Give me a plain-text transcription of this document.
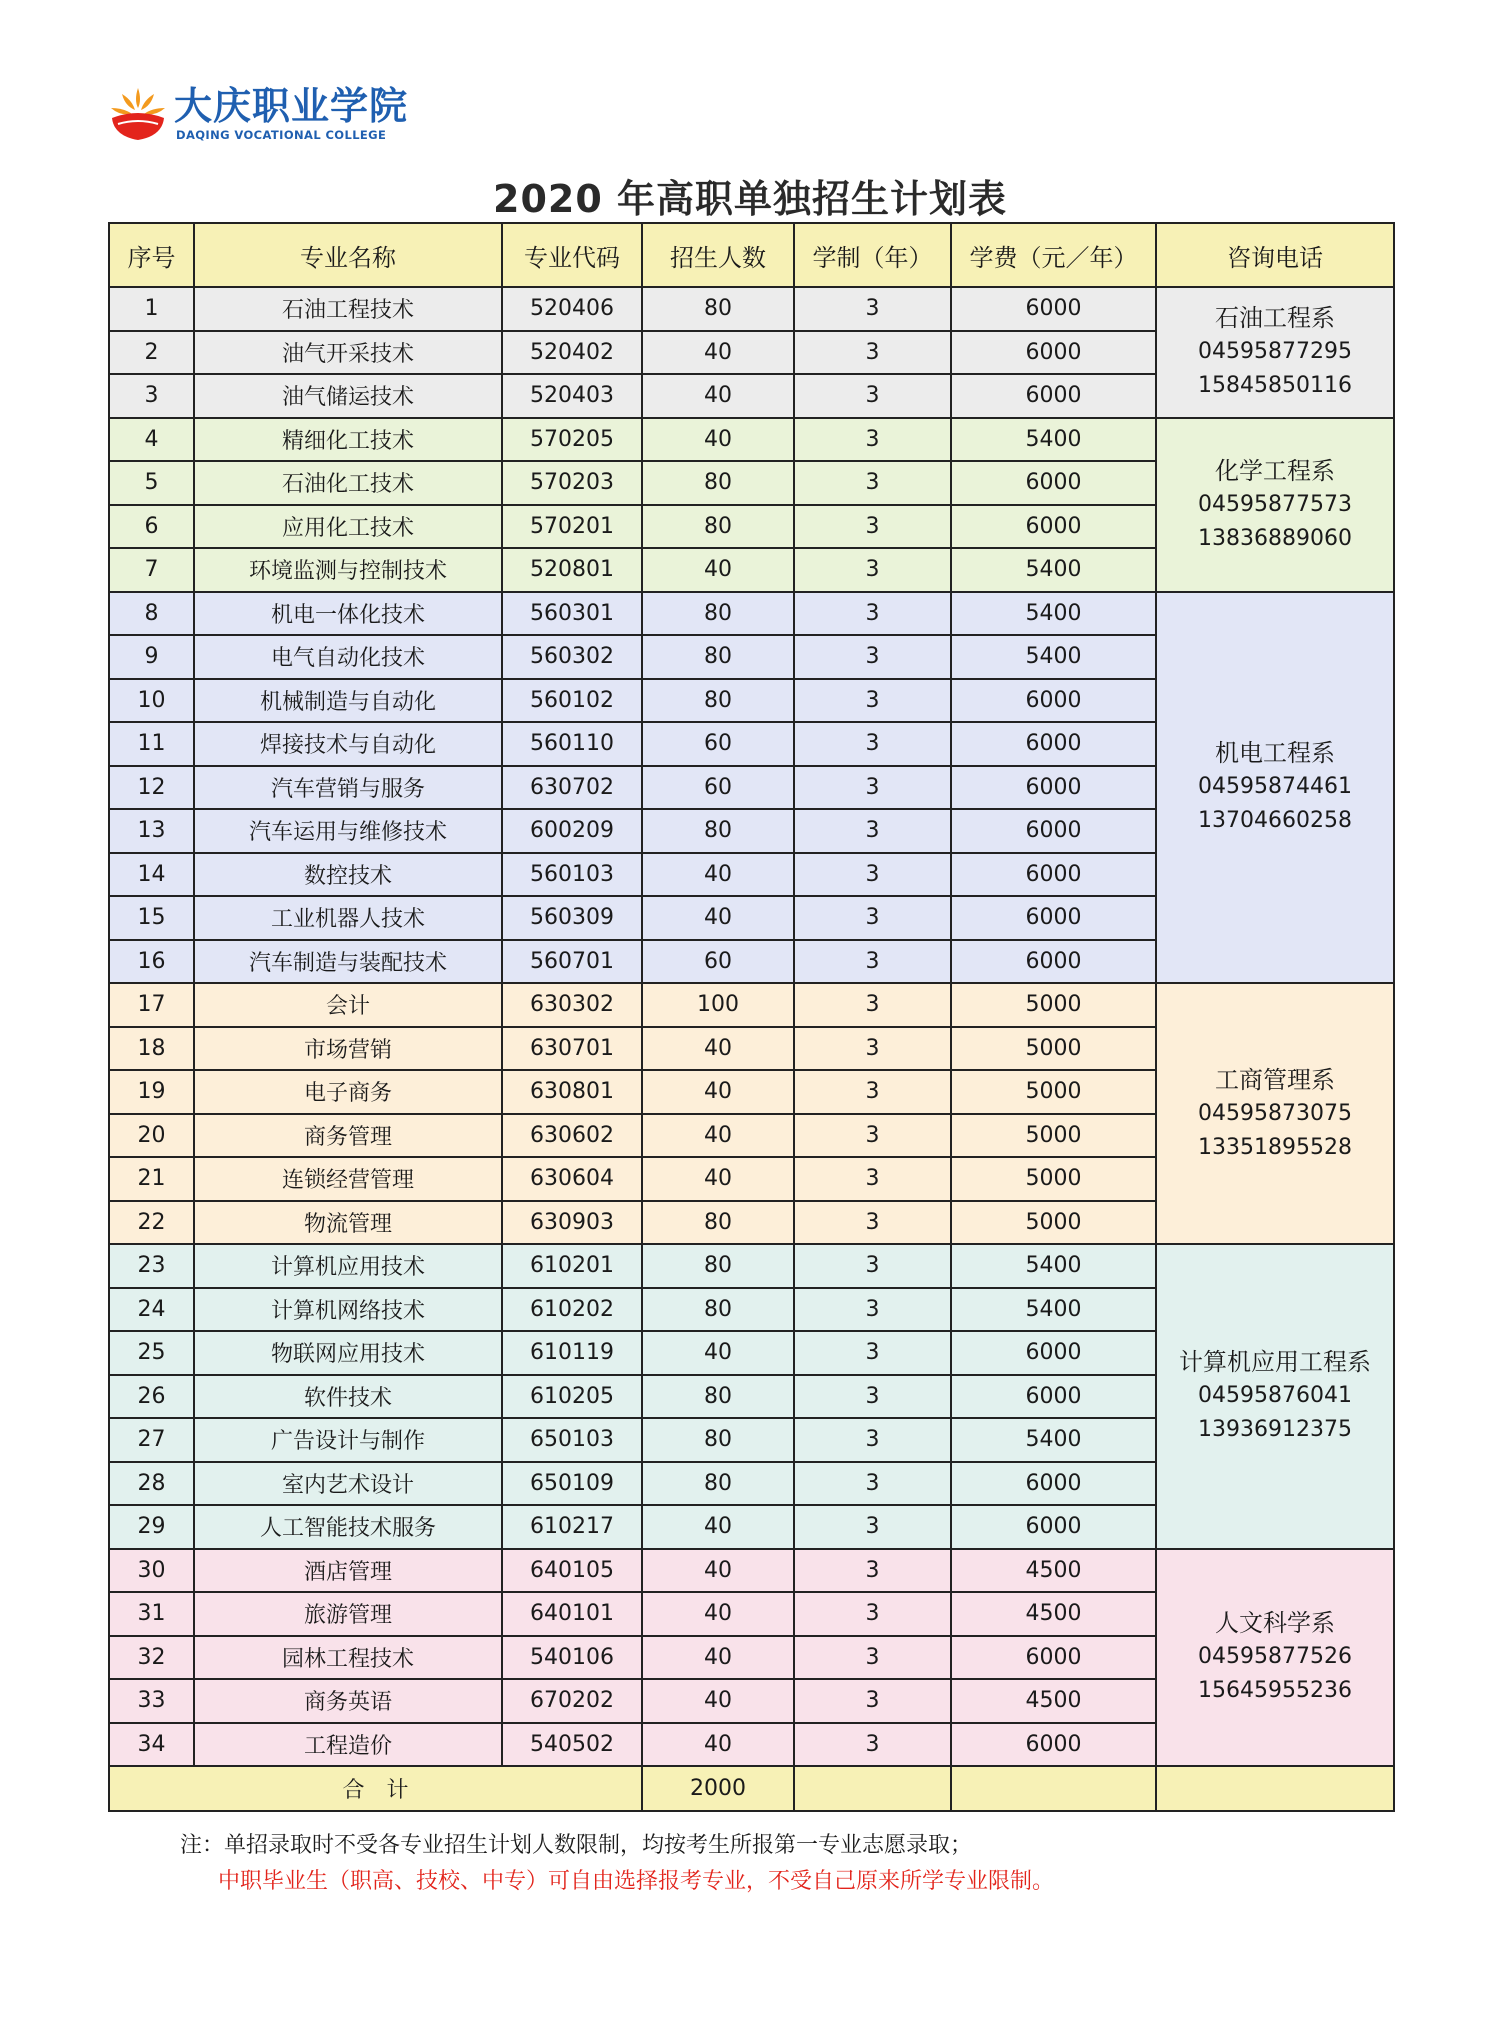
大庆职业学院
DAQING VOCATIONAL COLLEGE
2020 年高职单独招生计划表
序号	专业名称	专业代码	招生人数	学制（年）	学费（元／年）	咨询电话
1	石油工程技术	520406	80	3	6000	石油工程系
04595877295
15845850116

2	油气开采技术	520402	40	3	6000	
3	油气储运技术	520403	40	3	6000	
4	精细化工技术	570205	40	3	5400	化学工程系
04595877573
13836889060

5	石油化工技术	570203	80	3	6000	
6	应用化工技术	570201	80	3	6000	
7	环境监测与控制技术	520801	40	3	5400	
8	机电一体化技术	560301	80	3	5400	机电工程系
04595874461
13704660258

9	电气自动化技术	560302	80	3	5400	
10	机械制造与自动化	560102	80	3	6000	
11	焊接技术与自动化	560110	60	3	6000	
12	汽车营销与服务	630702	60	3	6000	
13	汽车运用与维修技术	600209	80	3	6000	
14	数控技术	560103	40	3	6000	
15	工业机器人技术	560309	40	3	6000	
16	汽车制造与装配技术	560701	60	3	6000	
17	会计	630302	100	3	5000	工商管理系
04595873075
13351895528

18	市场营销	630701	40	3	5000	
19	电子商务	630801	40	3	5000	
20	商务管理	630602	40	3	5000	
21	连锁经营管理	630604	40	3	5000	
22	物流管理	630903	80	3	5000	
23	计算机应用技术	610201	80	3	5400	计算机应用工程系
04595876041
13936912375

24	计算机网络技术	610202	80	3	5400	
25	物联网应用技术	610119	40	3	6000	
26	软件技术	610205	80	3	6000	
27	广告设计与制作	650103	80	3	5400	
28	室内艺术设计	650109	80	3	6000	
29	人工智能技术服务	610217	40	3	6000	
30	酒店管理	640105	40	3	4500	人文科学系
04595877526
15645955236

31	旅游管理	640101	40	3	4500	
32	园林工程技术	540106	40	3	6000	
33	商务英语	670202	40	3	4500	
34	工程造价	540502	40	3	6000	
合　计			2000			
注：单招录取时不受各专业招生计划人数限制，均按考生所报第一专业志愿录取；
中职毕业生（职高、技校、中专）可自由选择报考专业，不受自己原来所学专业限制。
